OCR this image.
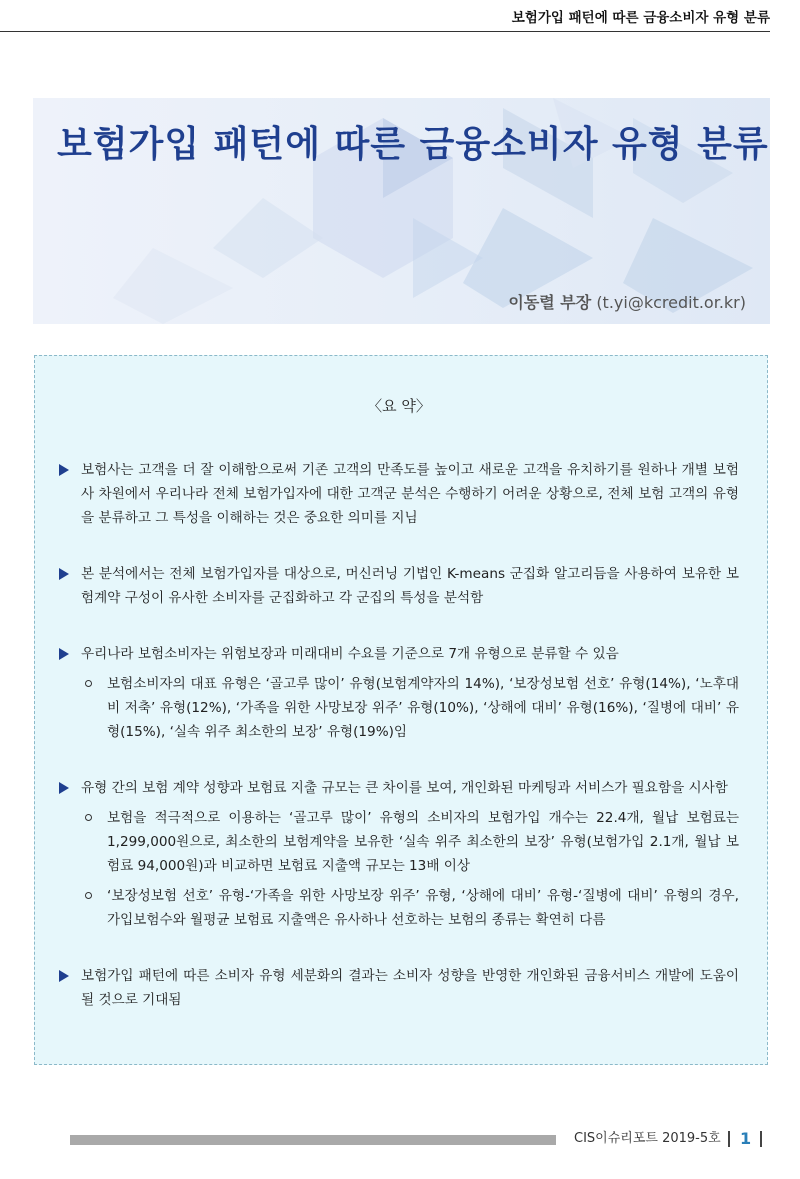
보험가입 패턴에 따른 금융소비자 유형 분류
보험가입 패턴에 따른 금융소비자 유형 분류
이동렬 부장 (t.yi@kcredit.or.kr)
〈요 약〉

보험사는 고객을 더 잘 이해함으로써 기존 고객의 만족도를 높이고 새로운 고객을 유치하기를 원하나 개별 보험사 차원에서 우리나라 전체 보험가입자에 대한 고객군 분석은 수행하기 어려운 상황으로, 전체 보험 고객의 유형을 분류하고 그 특성을 이해하는 것은 중요한 의미를 지님

본 분석에서는 전체 보험가입자를 대상으로, 머신러닝 기법인 K-means 군집화 알고리듬을 사용하여 보유한 보험계약 구성이 유사한 소비자를 군집화하고 각 군집의 특성을 분석함

우리나라 보험소비자는 위험보장과 미래대비 수요를 기준으로 7개 유형으로 분류할 수 있음

보험소비자의 대표 유형은 ‘골고루 많이’ 유형(보험계약자의 14%), ‘보장성보험 선호’ 유형(14%), ‘노후대비 저축’ 유형(12%), ‘가족을 위한 사망보장 위주’ 유형(10%), ‘상해에 대비’ 유형(16%), ‘질병에 대비’ 유형(15%), ‘실속 위주 최소한의 보장’ 유형(19%)임

유형 간의 보험 계약 성향과 보험료 지출 규모는 큰 차이를 보여, 개인화된 마케팅과 서비스가 필요함을 시사함

보험을 적극적으로 이용하는 ‘골고루 많이’ 유형의 소비자의 보험가입 개수는 22.4개, 월납 보험료는 1,299,000원으로, 최소한의 보험계약을 보유한 ‘실속 위주 최소한의 보장’ 유형(보험가입 2.1개, 월납 보험료 94,000원)과 비교하면 보험료 지출액 규모는 13배 이상

‘보장성보험 선호’ 유형-‘가족을 위한 사망보장 위주’ 유형, ‘상해에 대비’ 유형-‘질병에 대비’ 유형의 경우, 가입보험수와 월평균 보험료 지출액은 유사하나 선호하는 보험의 종류는 확연히 다름

보험가입 패턴에 따른 소비자 유형 세분화의 결과는 소비자 성향을 반영한 개인화된 금융서비스 개발에 도움이 될 것으로 기대됨

CIS이슈리포트 2019-5호 1
